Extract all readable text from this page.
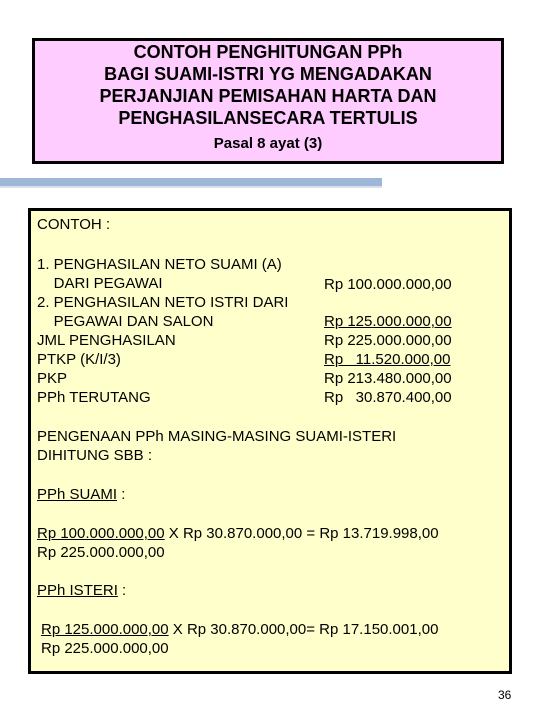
CONTOH PENGHITUNGAN PPh

BAGI SUAMI-ISTRI YG MENGADAKAN

PERJANJIAN PEMISAHAN HARTA DAN

PENGHASILANSECARA TERTULIS

Pasal 8 ayat (3)
CONTOH :
1. PENGHASILAN NETO SUAMI (A)
DARI PEGAWAI	Rp 100.000.000,00
2. PENGHASILAN NETO ISTRI DARI
PEGAWAI DAN SALON	Rp 125.000.000,00
JML PENGHASILAN	Rp 225.000.000,00
PTKP (K/I/3)	Rp   11.520.000,00
PKP	Rp 213.480.000,00
PPh TERUTANG	Rp   30.870.400,00
PENGENAAN PPh MASING-MASING SUAMI-ISTERI
DIHITUNG SBB :
PPh SUAMI :
Rp 100.000.000,00 X Rp 30.870.000,00 = Rp 13.719.998,00
Rp 225.000.000,00
PPh ISTERI :
Rp 125.000.000,00 X Rp 30.870.000,00= Rp 17.150.001,00
Rp 225.000.000,00
36
